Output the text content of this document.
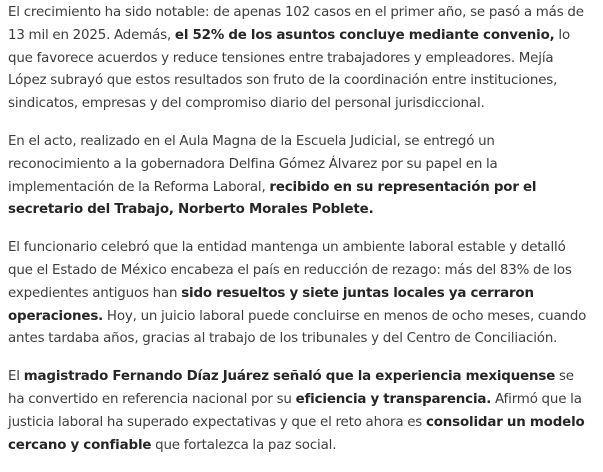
El crecimiento ha sido notable: de apenas 102 casos en el primer año, se pasó a más de 13 mil en 2025. Además, el 52% de los asuntos concluye mediante convenio, lo que favorece acuerdos y reduce tensiones entre trabajadores y empleadores. Mejía López subrayó que estos resultados son fruto de la coordinación entre instituciones, sindicatos, empresas y del compromiso diario del personal jurisdiccional.

En el acto, realizado en el Aula Magna de la Escuela Judicial, se entregó un reconocimiento a la gobernadora Delfina Gómez Álvarez por su papel en la implementación de la Reforma Laboral, recibido en su representación por el secretario del Trabajo, Norberto Morales Poblete.

El funcionario celebró que la entidad mantenga un ambiente laboral estable y detalló que el Estado de México encabeza el país en reducción de rezago: más del 83% de los expedientes antiguos han sido resueltos y siete juntas locales ya cerraron operaciones. Hoy, un juicio laboral puede concluirse en menos de ocho meses, cuando antes tardaba años, gracias al trabajo de los tribunales y del Centro de Conciliación.

El magistrado Fernando Díaz Juárez señaló que la experiencia mexiquense se ha convertido en referencia nacional por su eficiencia y transparencia. Afirmó que la justicia laboral ha superado expectativas y que el reto ahora es consolidar un modelo cercano y confiable que fortalezca la paz social.
